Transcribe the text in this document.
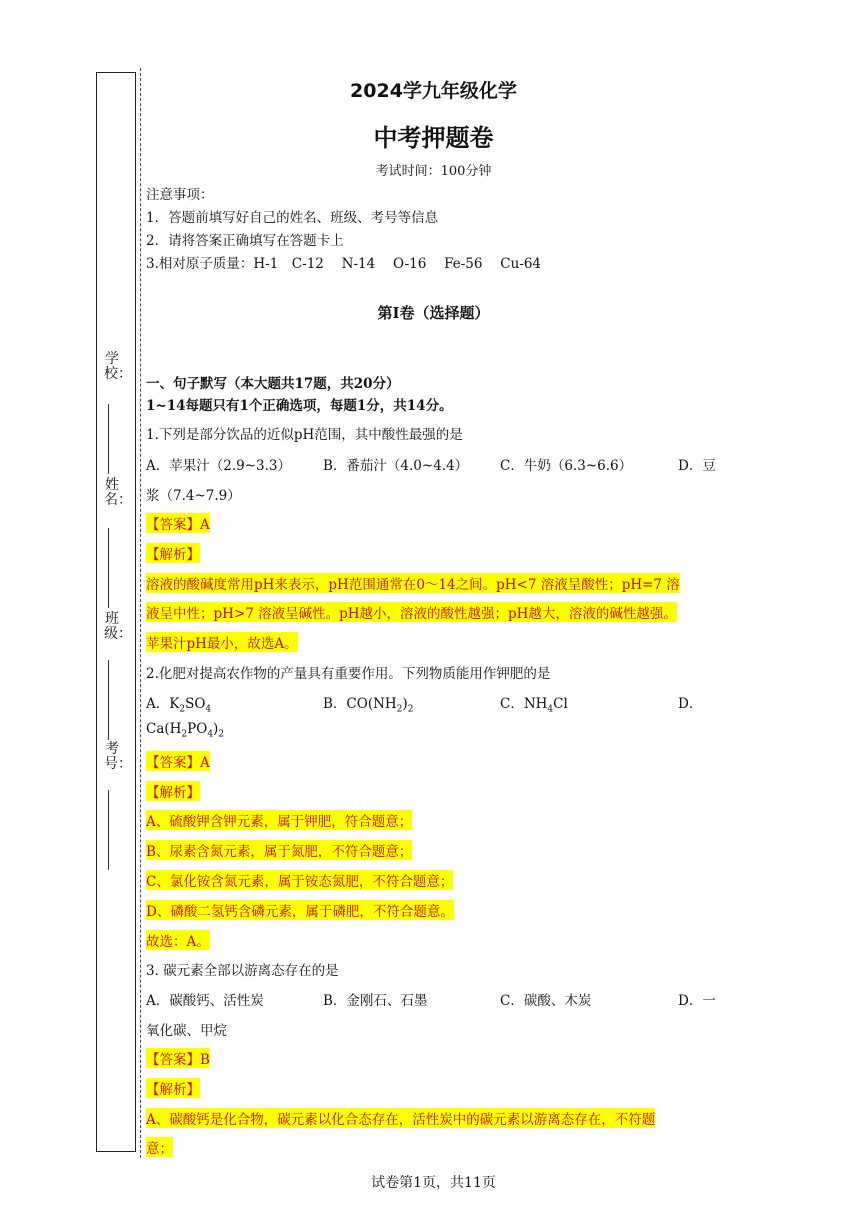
学校：
姓名：
班级：
考号：
2024学九年级化学
中考押题卷
考试时间：100分钟
注意事项：
1．答题前填写好自己的姓名、班级、考号等信息
2．请将答案正确填写在答题卡上
3.相对原子质量：H-1　C-12　 N-14　 O-16　 Fe-56　 Cu-64
第I卷（选择题）
一、句子默写（本大题共17题，共20分）
1~14每题只有1个正确选项，每题1分，共14分。
1.下列是部分饮品的近似pH范围，其中酸性最强的是
A．苹果汁（2.9~3.3） B．番茄汁（4.0~4.4） C．牛奶（6.3~6.6）	D．豆
浆（7.4~7.9）
【答案】A
【解析】
溶液的酸碱度常用pH来表示，pH范围通常在0～14之间。pH<7 溶液呈酸性；pH=7 溶
液呈中性；pH>7 溶液呈碱性。pH越小，溶液的酸性越强；pH越大，溶液的碱性越强。
苹果汁pH最小，故选A。
2.化肥对提高农作物的产量具有重要作用。下列物质能用作钾肥的是
A．$K_2SO_4$	B．$CO(NH_2)_2$	C．$NH_4Cl$	D．
$Ca(H_2PO_4)_2$
【答案】A
【解析】
A、硫酸钾含钾元素，属于钾肥，符合题意；
B、尿素含氮元素，属于氮肥，不符合题意；
C、氯化铵含氮元素，属于铵态氮肥，不符合题意；
D、磷酸二氢钙含磷元素，属于磷肥，不符合题意。
故选：A。
3. 碳元素全部以游离态存在的是
A．碳酸钙、活性炭	B．金刚石、石墨	C．碳酸、木炭	D．一
氧化碳、甲烷
【答案】B
【解析】
A、碳酸钙是化合物，碳元素以化合态存在，活性炭中的碳元素以游离态存在，不符题
意；
试卷第1页，共11页
